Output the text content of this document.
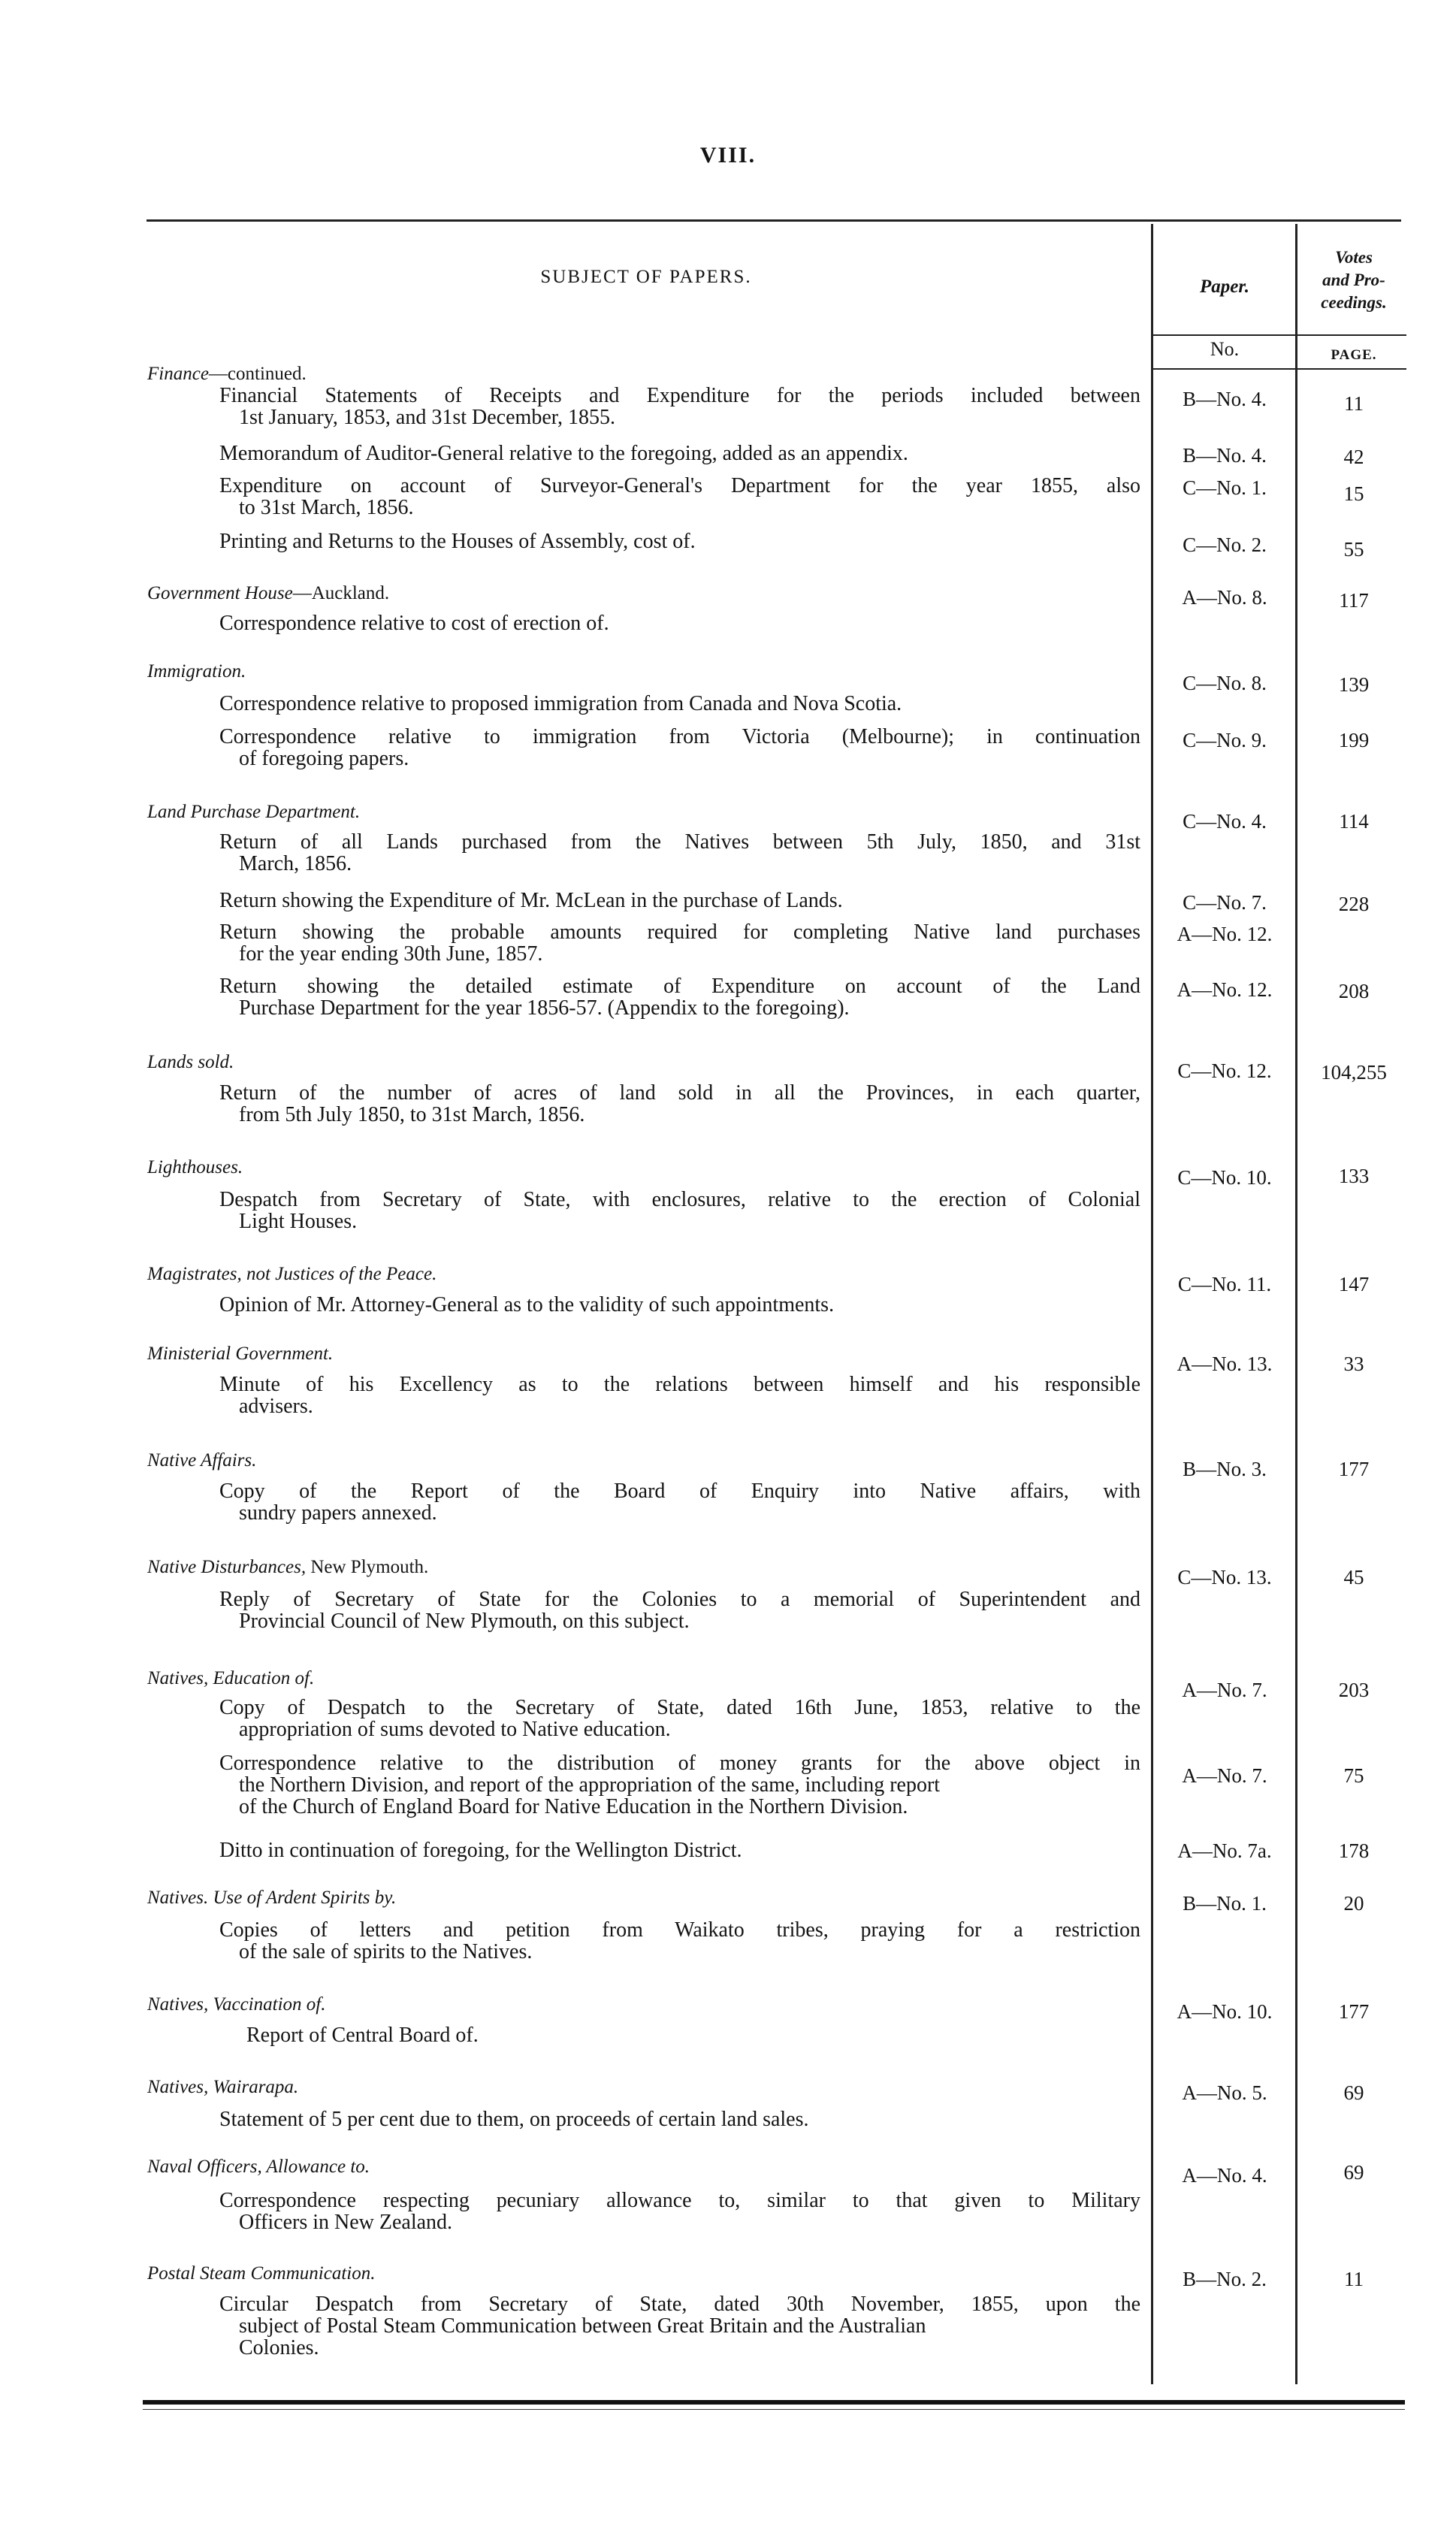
VIII.
SUBJECT OF PAPERS.	Paper.
Votes
and Pro-
ceedings.
No.	PAGE.
Finance—continued.
Financial Statements of Receipts and Expenditure for the periods included between
1st January, 1853, and 31st December, 1855.
B—No. 4.	11
Memorandum of Auditor-General relative to the foregoing, added as an appendix.	B—No. 4.	42
Expenditure on account of Surveyor-General's Department for the year 1855, also
to 31st March, 1856.
C—No. 1.	15
Printing and Returns to the Houses of Assembly, cost of.	C—No. 2.	55
Government House—Auckland.	A—No. 8.	117
Correspondence relative to cost of erection of.
Immigration.
Correspondence relative to proposed immigration from Canada and Nova Scotia.
C—No. 8.	139
Correspondence relative to immigration from Victoria (Melbourne); in continuation
of foregoing papers.
C—No. 9.	199
Land Purchase Department.	C—No. 4.	114
Return of all Lands purchased from the Natives between 5th July, 1850, and 31st
March, 1856.
Return showing the Expenditure of Mr. McLean in the purchase of Lands.	C—No. 7.	228
Return showing the probable amounts required for completing Native land purchases
for the year ending 30th June, 1857.
A—No. 12.
Return showing the detailed estimate of Expenditure on account of the Land
Purchase Department for the year 1856-57. (Appendix to the foregoing).
A—No. 12.	208
Lands sold.	C—No. 12.	104,255
Return of the number of acres of land sold in all the Provinces, in each quarter,
from 5th July 1850, to 31st March, 1856.
Lighthouses.	C—No. 10.	133
Despatch from Secretary of State, with enclosures, relative to the erection of Colonial
Light Houses.
Magistrates, not Justices of the Peace.	C—No. 11.	147
Opinion of Mr. Attorney-General as to the validity of such appointments.
Ministerial Government.	A—No. 13.	33
Minute of his Excellency as to the relations between himself and his responsible
advisers.
Native Affairs.	B—No. 3.	177
Copy of the Report of the Board of Enquiry into Native affairs, with
sundry papers annexed.
Native Disturbances, New Plymouth.	C—No. 13.	45
Reply of Secretary of State for the Colonies to a memorial of Superintendent and
Provincial Council of New Plymouth, on this subject.
Natives, Education of.
Copy of Despatch to the Secretary of State, dated 16th June, 1853, relative to the
appropriation of sums devoted to Native education.
A—No. 7.	203
Correspondence relative to the distribution of money grants for the above object in
the Northern Division, and report of the appropriation of the same, including report
of the Church of England Board for Native Education in the Northern Division.
A—No. 7.	75
Ditto in continuation of foregoing, for the Wellington District.	A—No. 7a.	178
Natives. Use of Ardent Spirits by.
Copies of letters and petition from Waikato tribes, praying for a restriction
of the sale of spirits to the Natives.
B—No. 1.	20
Natives, Vaccination of.	A—No. 10.	177
Report of Central Board of.
Natives, Wairarapa.	A—No. 5.	69
Statement of 5 per cent due to them, on proceeds of certain land sales.
Naval Officers, Allowance to.	A—No. 4.	69
Correspondence respecting pecuniary allowance to, similar to that given to Military
Officers in New Zealand.
Postal Steam Communication.	B—No. 2.	11
Circular Despatch from Secretary of State, dated 30th November, 1855, upon the
subject of Postal Steam Communication between Great Britain and the Australian
Colonies.
